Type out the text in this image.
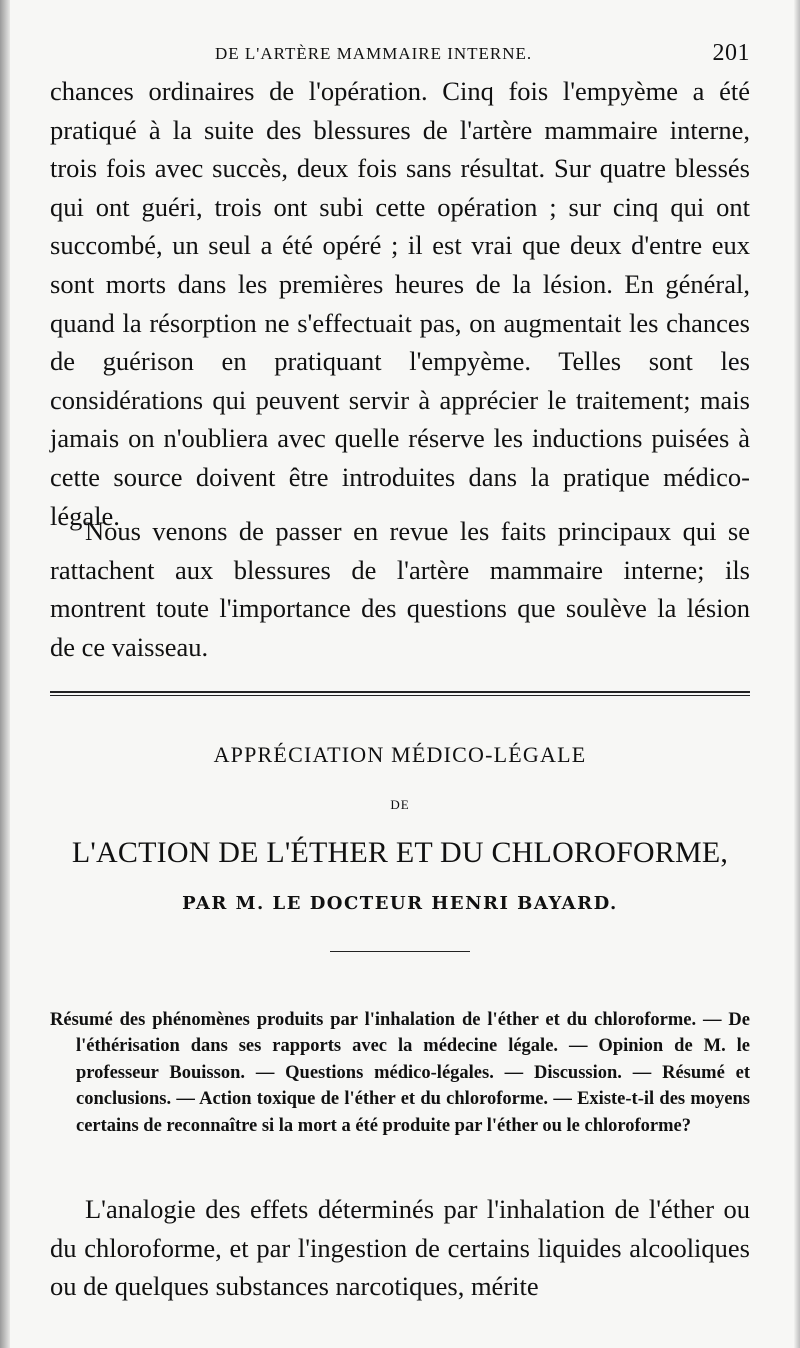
DE L'ARTÈRE MAMMAIRE INTERNE.	201

chances ordinaires de l'opération. Cinq fois l'empyème a été pratiqué à la suite des blessures de l'artère mammaire interne, trois fois avec succès, deux fois sans résultat. Sur quatre blessés qui ont guéri, trois ont subi cette opération ; sur cinq qui ont succombé, un seul a été opéré ; il est vrai que deux d'entre eux sont morts dans les premières heures de la lésion. En général, quand la résorption ne s'effectuait pas, on augmentait les chances de guérison en pratiquant l'empyème. Telles sont les considérations qui peuvent servir à apprécier le traitement; mais jamais on n'oubliera avec quelle réserve les inductions puisées à cette source doivent être introduites dans la pratique médico-légale.

Nous venons de passer en revue les faits principaux qui se rattachent aux blessures de l'artère mammaire interne; ils montrent toute l'importance des questions que soulève la lésion de ce vaisseau.

APPRÉCIATION MÉDICO-LÉGALE
DE
L'ACTION DE L'ÉTHER ET DU CHLOROFORME,
PAR M. LE DOCTEUR HENRI BAYARD.

Résumé des phénomènes produits par l'inhalation de l'éther et du chloroforme. — De l'éthérisation dans ses rapports avec la médecine légale. — Opinion de M. le professeur Bouisson. — Questions médico-légales. — Discussion. — Résumé et conclusions. — Action toxique de l'éther et du chloroforme. — Existe-t-il des moyens certains de reconnaître si la mort a été produite par l'éther ou le chloroforme?

L'analogie des effets déterminés par l'inhalation de l'éther ou du chloroforme, et par l'ingestion de certains liquides alcooliques ou de quelques substances narcotiques, mérite
